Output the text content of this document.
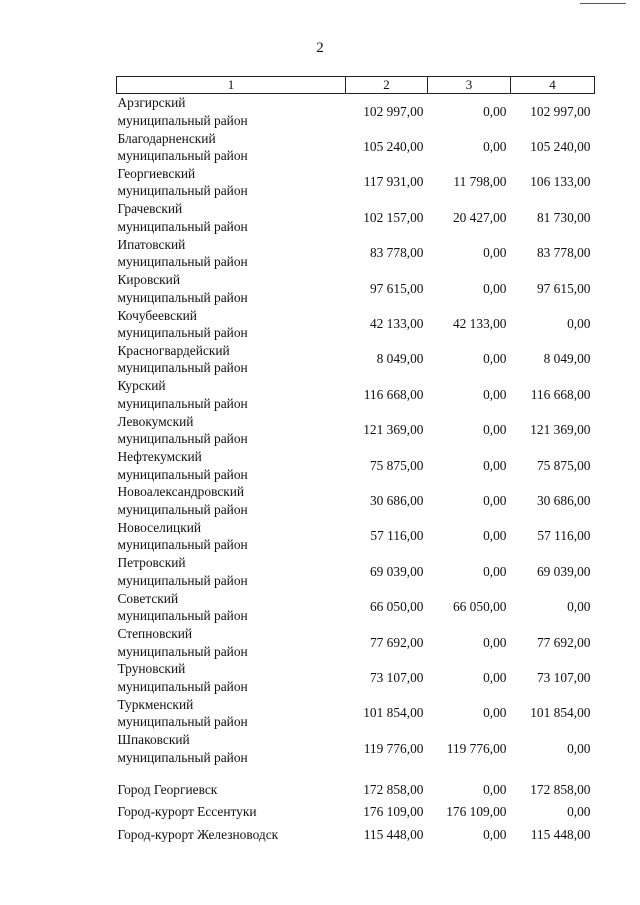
2
1	2	3	4
Арзгирский
муниципальный район	102 997,00	0,00	102 997,00
Благодарненский
муниципальный район	105 240,00	0,00	105 240,00
Георгиевский
муниципальный район	117 931,00	11 798,00	106 133,00
Грачевский
муниципальный район	102 157,00	20 427,00	81 730,00
Ипатовский
муниципальный район	83 778,00	0,00	83 778,00
Кировский
муниципальный район	97 615,00	0,00	97 615,00
Кочубеевский
муниципальный район	42 133,00	42 133,00	0,00
Красногвардейский
муниципальный район	8 049,00	0,00	8 049,00
Курский
муниципальный район	116 668,00	0,00	116 668,00
Левокумский
муниципальный район	121 369,00	0,00	121 369,00
Нефтекумский
муниципальный район	75 875,00	0,00	75 875,00
Новоалександровский
муниципальный район	30 686,00	0,00	30 686,00
Новоселицкий
муниципальный район	57 116,00	0,00	57 116,00
Петровский
муниципальный район	69 039,00	0,00	69 039,00
Советский
муниципальный район	66 050,00	66 050,00	0,00
Степновский
муниципальный район	77 692,00	0,00	77 692,00
Труновский
муниципальный район	73 107,00	0,00	73 107,00
Туркменский
муниципальный район	101 854,00	0,00	101 854,00
Шпаковский
муниципальный район	119 776,00	119 776,00	0,00

Город Георгиевск	172 858,00	0,00	172 858,00
Город-курорт Ессентуки	176 109,00	176 109,00	0,00
Город-курорт Железноводск	115 448,00	0,00	115 448,00
